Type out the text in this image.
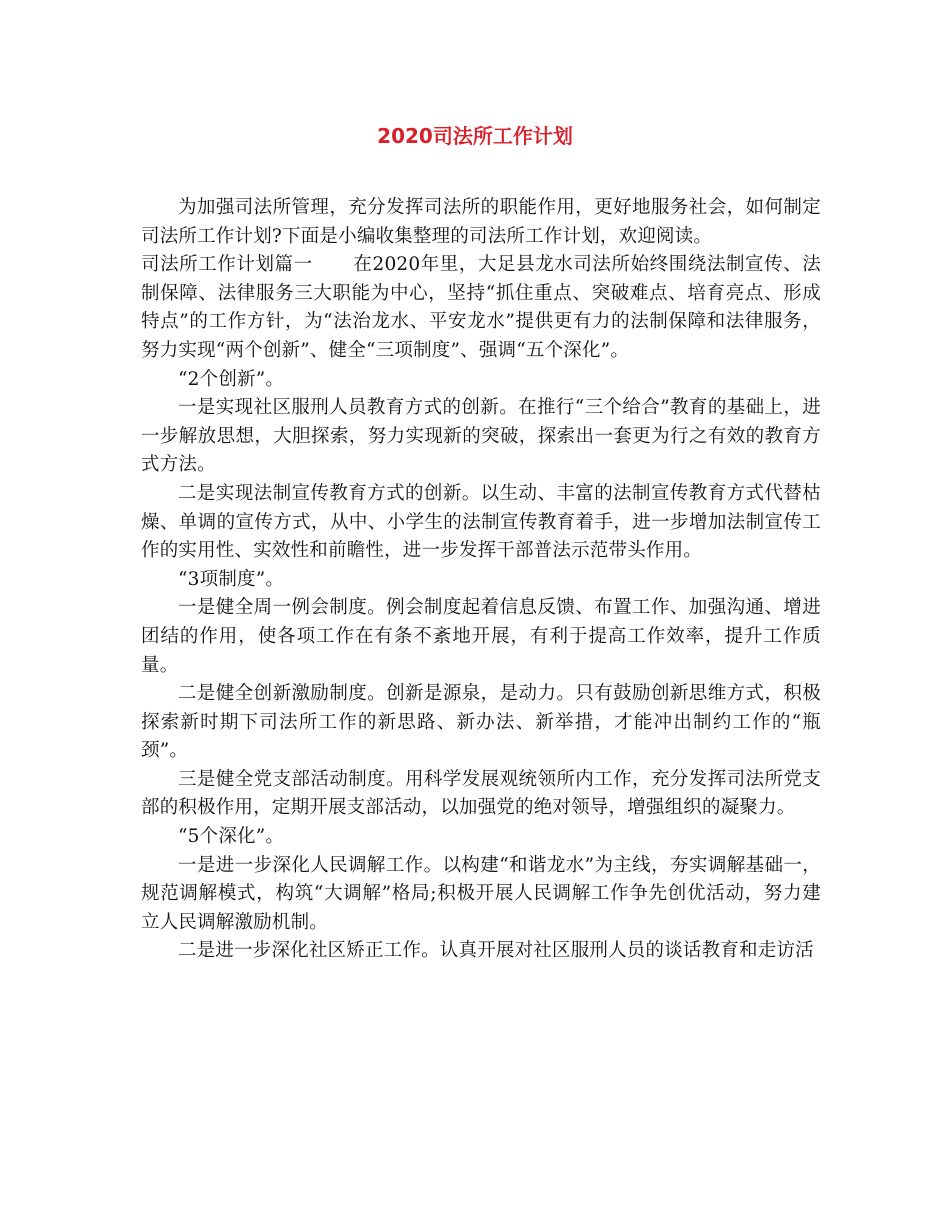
2020司法所工作计划

为加强司法所管理，充分发挥司法所的职能作用，更好地服务社会，如何制定司法所工作计划?下面是小编收集整理的司法所工作计划，欢迎阅读。

司法所工作计划篇一 在2020年里，大足县龙水司法所始终围绕法制宣传、法制保障、法律服务三大职能为中心，坚持“抓住重点、突破难点、培育亮点、形成特点”的工作方针，为“法治龙水、平安龙水”提供更有力的法制保障和法律服务，努力实现“两个创新”、健全“三项制度”、强调“五个深化”。

“2个创新”。

一是实现社区服刑人员教育方式的创新。在推行“三个给合”教育的基础上，进一步解放思想，大胆探索，努力实现新的突破，探索出一套更为行之有效的教育方式方法。

二是实现法制宣传教育方式的创新。以生动、丰富的法制宣传教育方式代替枯燥、单调的宣传方式，从中、小学生的法制宣传教育着手，进一步增加法制宣传工作的实用性、实效性和前瞻性，进一步发挥干部普法示范带头作用。

“3项制度”。

一是健全周一例会制度。例会制度起着信息反馈、布置工作、加强沟通、增进团结的作用，使各项工作在有条不紊地开展，有利于提高工作效率，提升工作质量。

二是健全创新激励制度。创新是源泉，是动力。只有鼓励创新思维方式，积极探索新时期下司法所工作的新思路、新办法、新举措，才能冲出制约工作的“瓶颈”。

三是健全党支部活动制度。用科学发展观统领所内工作，充分发挥司法所党支部的积极作用，定期开展支部活动，以加强党的绝对领导，增强组织的凝聚力。

“5个深化”。

一是进一步深化人民调解工作。以构建“和谐龙水”为主线，夯实调解基础一，规范调解模式，构筑“大调解”格局;积极开展人民调解工作争先创优活动，努力建立人民调解激励机制。

二是进一步深化社区矫正工作。认真开展对社区服刑人员的谈话教育和走访活
